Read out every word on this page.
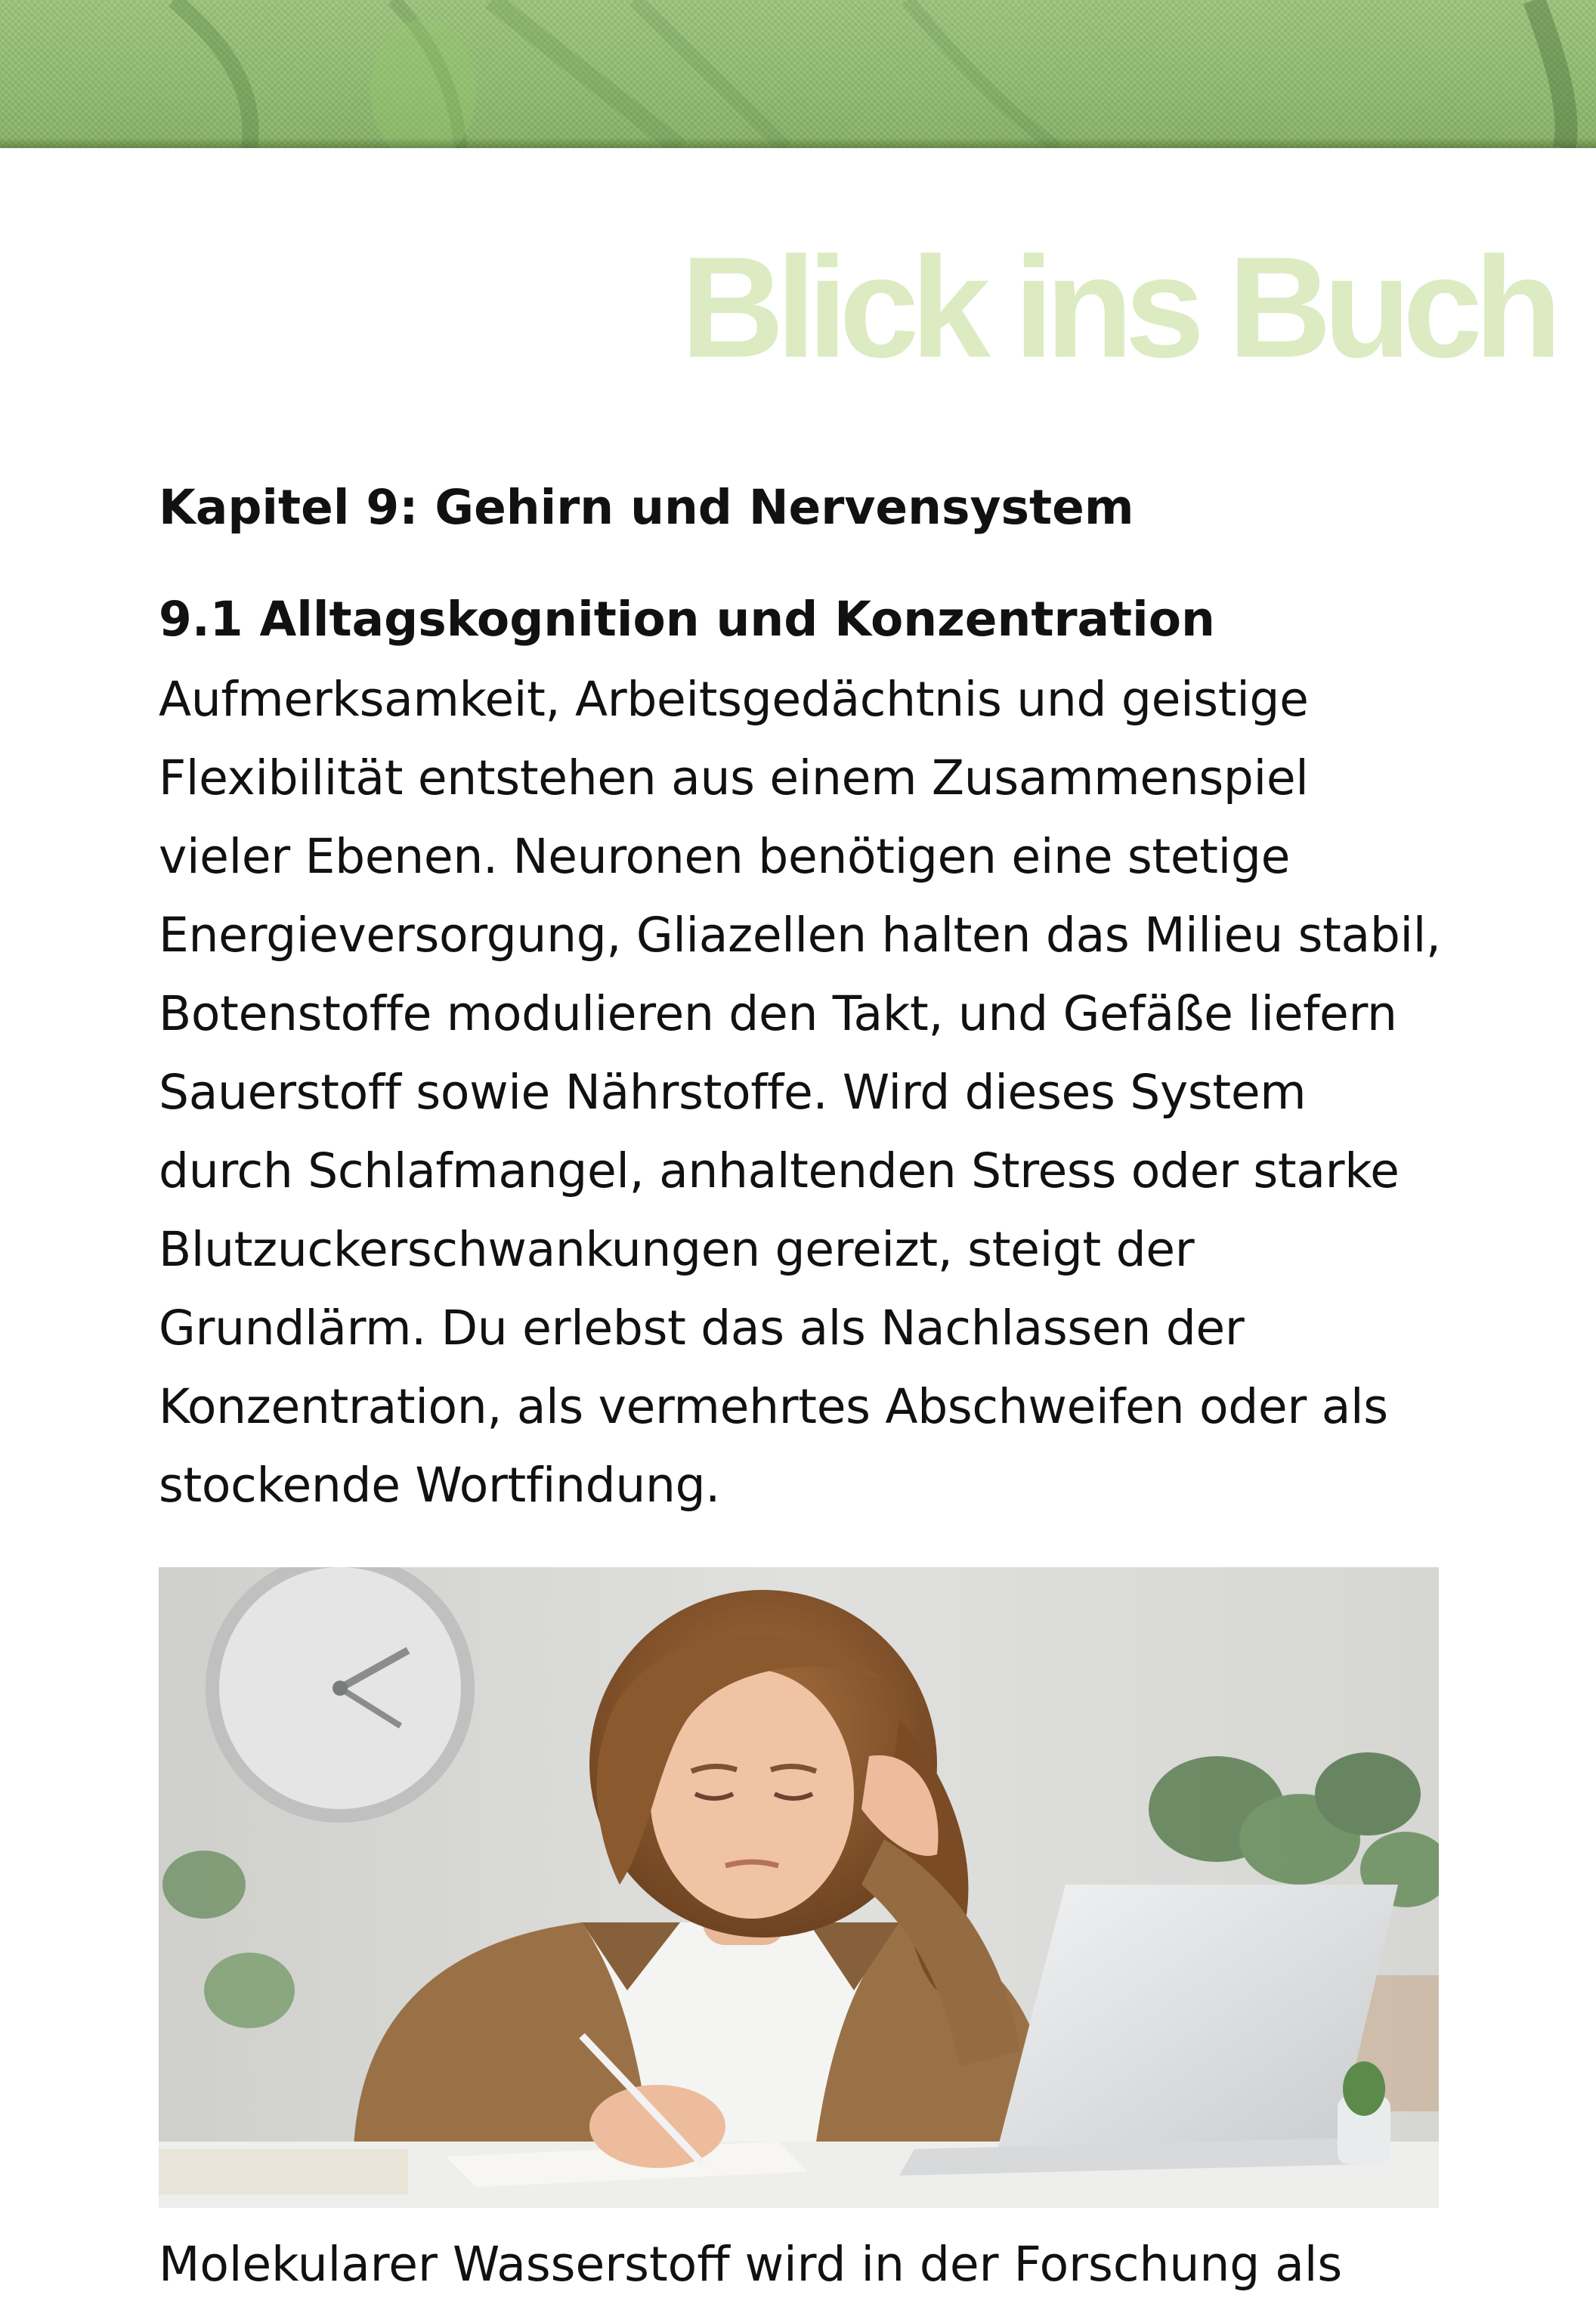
Blick ins Buch
Kapitel 9: Gehirn und Nervensystem
9.1 Alltagskognition und Konzentration

Aufmerksamkeit, Arbeitsgedächtnis und geistige Flexibilität entstehen aus einem Zusammenspiel vieler Ebenen. Neuronen benötigen eine stetige Energieversorgung, Gliazellen halten das Milieu stabil, Botenstoffe modulieren den Takt, und Gefäße liefern Sauerstoff sowie Nährstoffe. Wird dieses System durch Schlafmangel, anhaltenden Stress oder starke Blutzuckerschwankungen gereizt, steigt der Grundlärm. Du erlebst das als Nachlassen der Konzentration, als vermehrtes Abschweifen oder als stockende Wortfindung.

Molekularer Wasserstoff wird in der Forschung als
